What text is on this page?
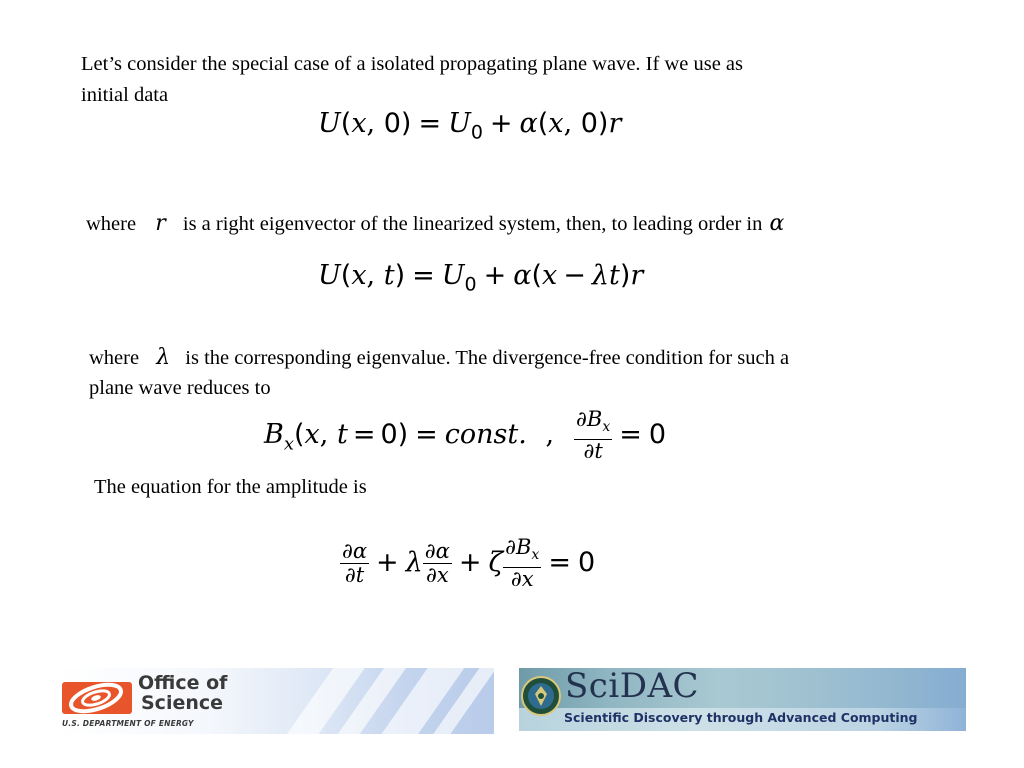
Let’s consider the special case of a isolated propagating plane wave. If we use as
initial data
U(x, $0) = U_0 + \alpha(x$, 0)r
where r is a right eigenvector of the linearized system, then, to leading order in α
U(x, $t) = U_0 + \alpha(x - \lambda t)r$
where λ is the corresponding eigenvalue. The divergence-free condition for such a
plane wave reduces to
$B_x(x$, t = 0) = const. , $\frac{\partial B_x}{\partial t} = 0$
The equation for the amplitude is
$\frac{\partial\alpha}{\partial t} + \lambda \frac{\partial\alpha}{\partial x} + \zeta \frac{\partial B_x}{\partial x} = 0$
Office of
Science
U.S. DEPARTMENT OF ENERGY
SciDAC
Scientific Discovery through Advanced Computing
